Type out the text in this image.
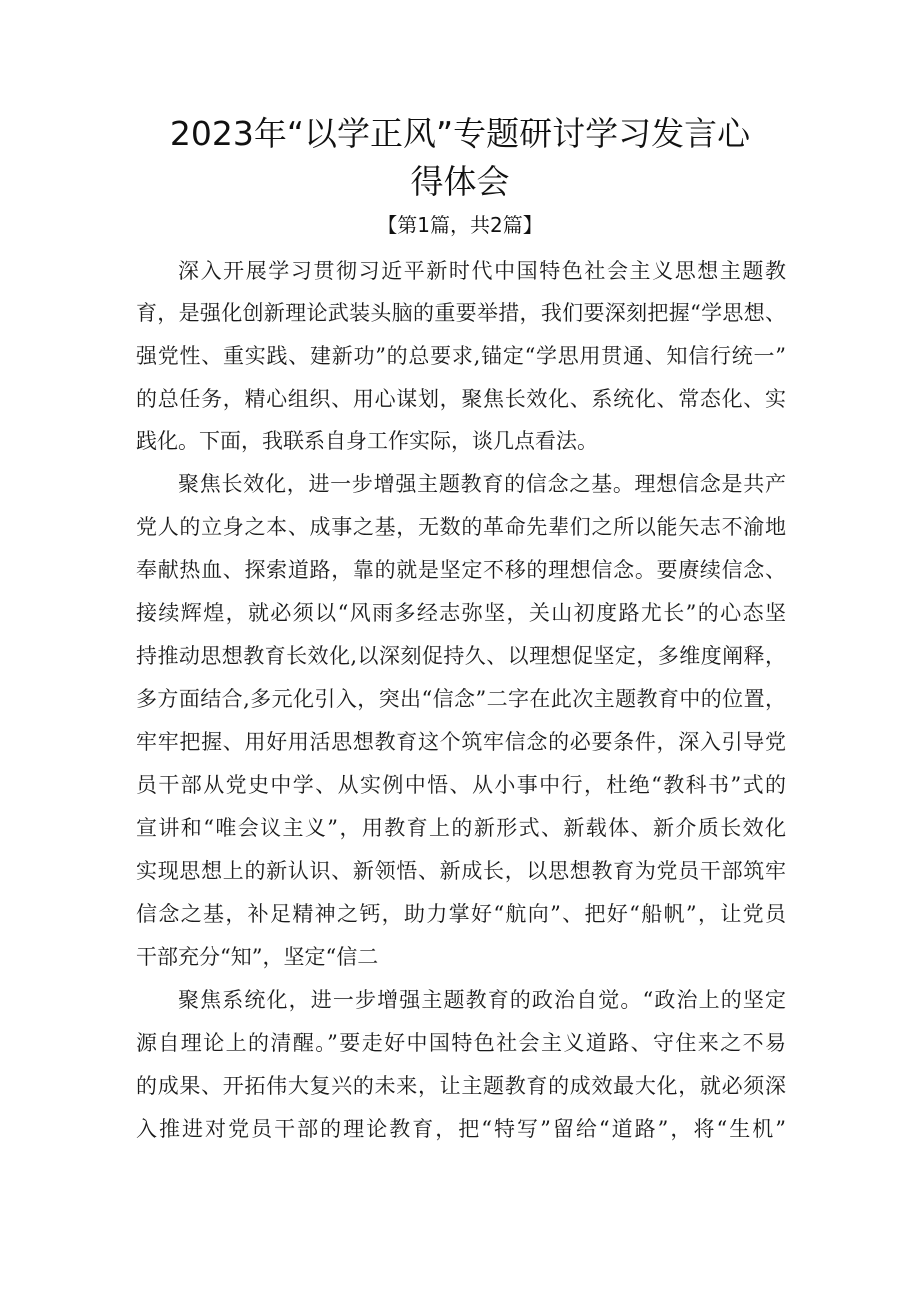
2023年“以学正风”专题研讨学习发言心
得体会
【第1篇，共2篇】
深入开展学习贯彻习近平新时代中国特色社会主义思想主题教
育，是强化创新理论武装头脑的重要举措，我们要深刻把握“学思想、
强党性、重实践、建新功”的总要求,锚定“学思用贯通、知信行统一”
的总任务，精心组织、用心谋划，聚焦长效化、系统化、常态化、实
践化。下面，我联系自身工作实际，谈几点看法。
聚焦长效化，进一步增强主题教育的信念之基。理想信念是共产
党人的立身之本、成事之基，无数的革命先辈们之所以能矢志不渝地
奉献热血、探索道路，靠的就是坚定不移的理想信念。要赓续信念、
接续辉煌，就必须以“风雨多经志弥坚，关山初度路尤长”的心态坚
持推动思想教育长效化,以深刻促持久、以理想促坚定，多维度阐释，
多方面结合,多元化引入，突出“信念”二字在此次主题教育中的位置，
牢牢把握、用好用活思想教育这个筑牢信念的必要条件，深入引导党
员干部从党史中学、从实例中悟、从小事中行，杜绝“教科书”式的
宣讲和“唯会议主义”，用教育上的新形式、新载体、新介质长效化
实现思想上的新认识、新领悟、新成长，以思想教育为党员干部筑牢
信念之基，补足精神之钙，助力掌好“航向”、把好“船帆”，让党员
干部充分“知”，坚定“信二
聚焦系统化，进一步增强主题教育的政治自觉。“政治上的坚定
源自理论上的清醒。”要走好中国特色社会主义道路、守住来之不易
的成果、开拓伟大复兴的未来，让主题教育的成效最大化，就必须深
入推进对党员干部的理论教育，把“特写”留给“道路”，将“生机”
